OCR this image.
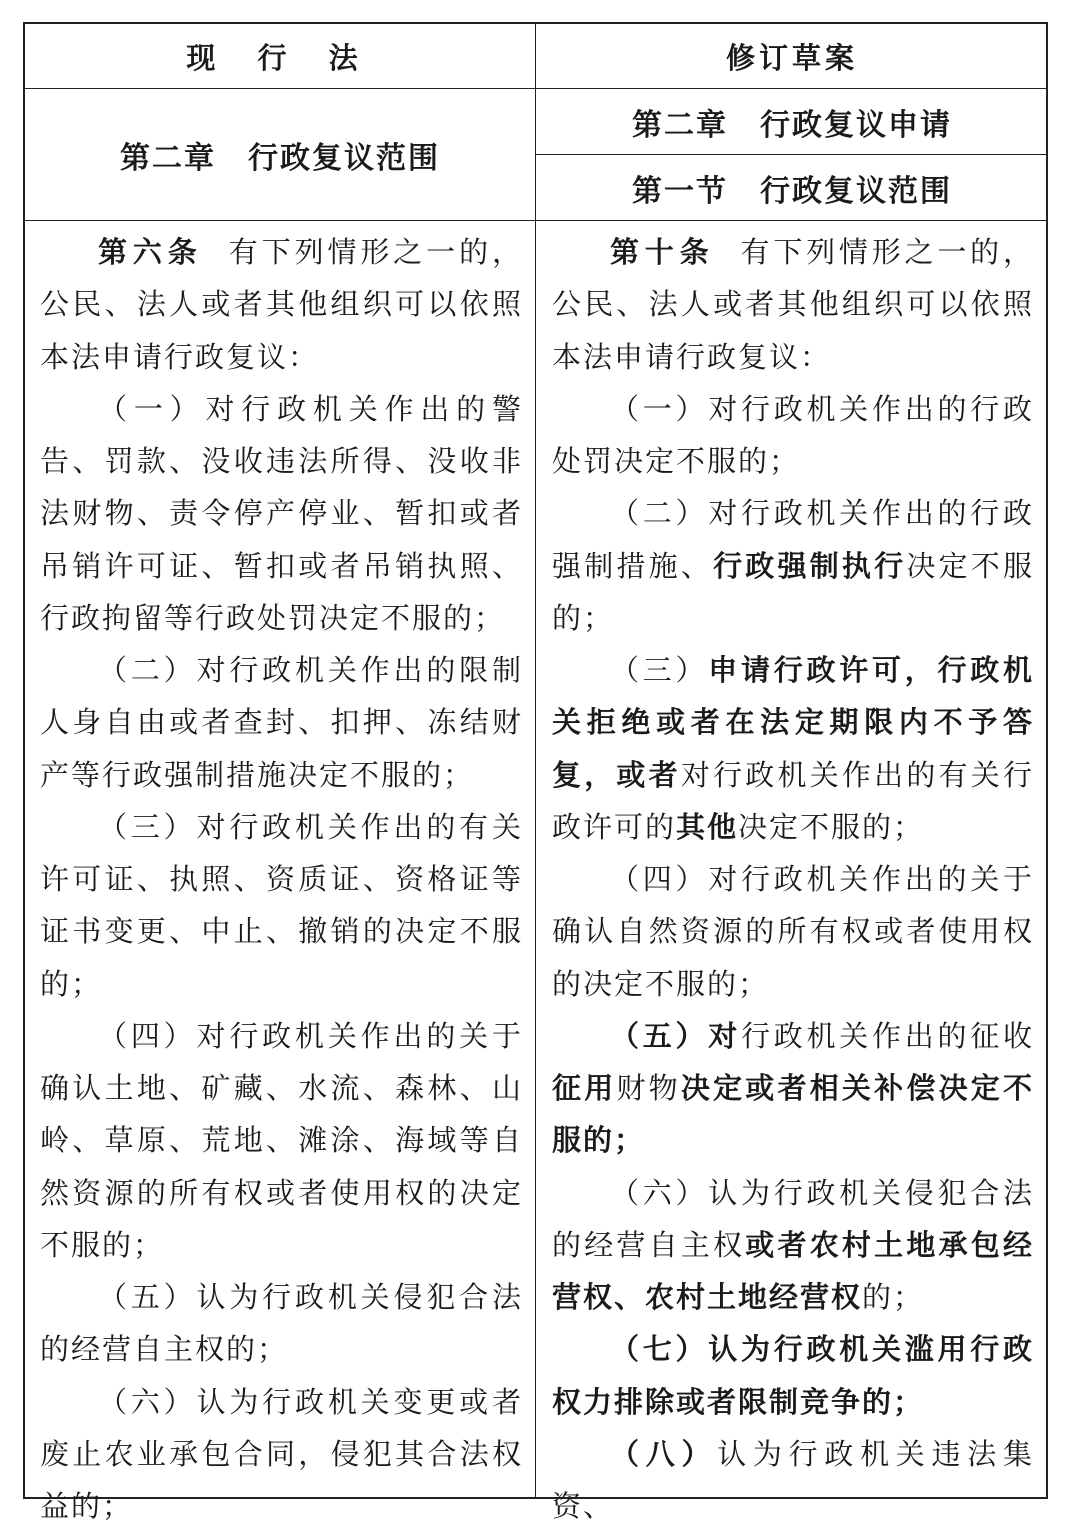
现 行 法	修订草案
第二章　行政复议范围
第二章　行政复议申请
第一节　行政复议范围

第六条 有下列情形之一的，公民、法人或者其他组织可以依照本法申请行政复议：

（一）对行政机关作出的警告、罚款、没收违法所得、没收非法财物、责令停产停业、暂扣或者吊销许可证、暂扣或者吊销执照、行政拘留等行政处罚决定不服的；

（二）对行政机关作出的限制人身自由或者查封、扣押、冻结财产等行政强制措施决定不服的；

（三）对行政机关作出的有关许可证、执照、资质证、资格证等证书变更、中止、撤销的决定不服的；

（四）对行政机关作出的关于确认土地、矿藏、水流、森林、山岭、草原、荒地、滩涂、海域等自然资源的所有权或者使用权的决定不服的；

（五）认为行政机关侵犯合法的经营自主权的；

（六）认为行政机关变更或者废止农业承包合同，侵犯其合法权益的；

第十条 有下列情形之一的，公民、法人或者其他组织可以依照本法申请行政复议：

（一）对行政机关作出的行政处罚决定不服的；

（二）对行政机关作出的行政强制措施、行政强制执行决定不服的；

（三）申请行政许可，行政机关拒绝或者在法定期限内不予答复，或者对行政机关作出的有关行政许可的其他决定不服的；

（四）对行政机关作出的关于确认自然资源的所有权或者使用权的决定不服的；

（五）对行政机关作出的征收征用财物决定或者相关补偿决定不服的；

（六）认为行政机关侵犯合法的经营自主权或者农村土地承包经营权、农村土地经营权的；

（七）认为行政机关滥用行政权力排除或者限制竞争的；

（八）认为行政机关违法集资、
